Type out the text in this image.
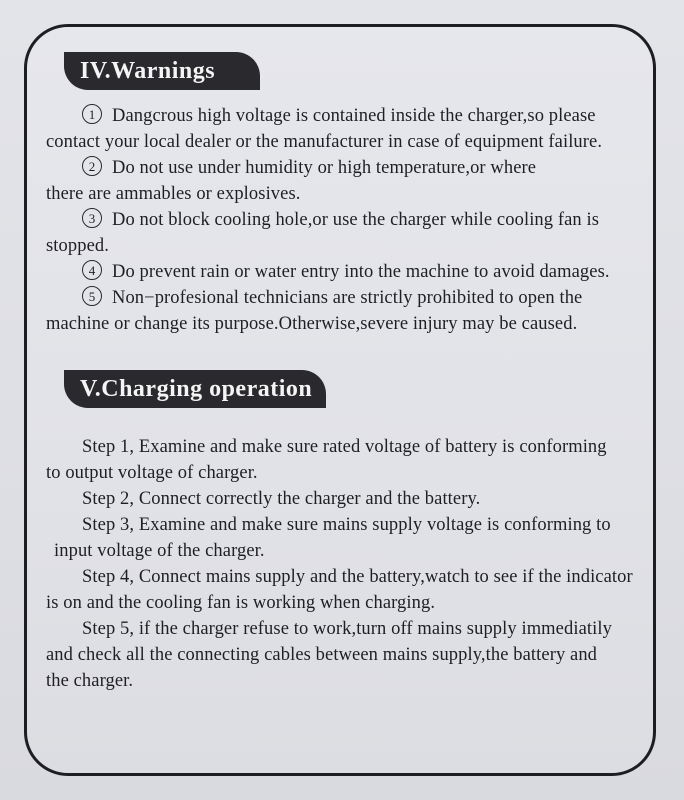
IV.Warnings
1 Dangcrous high voltage is contained inside the charger,so please
contact your local dealer or the manufacturer in case of equipment failure.
2 Do not use under humidity or high temperature,or where
there are ammables or explosives.
3 Do not block cooling hole,or use the charger while cooling fan is
stopped.
4 Do prevent rain or water entry into the machine to avoid damages.
5 Non−profesional technicians are strictly prohibited to open the
machine or change its purpose.Otherwise,severe injury may be caused.
V.Charging operation
Step 1, Examine and make sure rated voltage of battery is conforming
to output voltage of charger.
Step 2, Connect correctly the charger and the battery.
Step 3, Examine and make sure mains supply voltage is conforming to
input voltage of the charger.
Step 4, Connect mains supply and the battery,watch to see if the indicator
is on and the cooling fan is working when charging.
Step 5, if the charger refuse to work,turn off mains supply immediatily
and check all the connecting cables between mains supply,the battery and
the charger.
